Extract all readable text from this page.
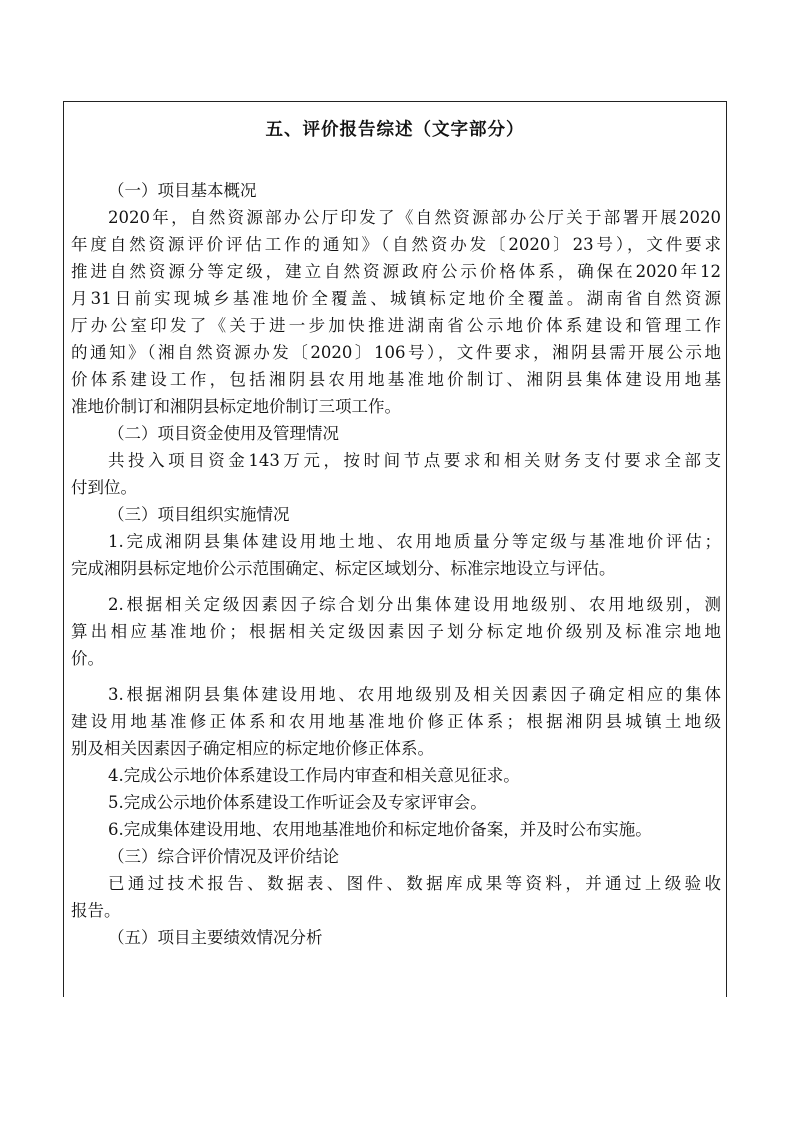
五、评价报告综述（文字部分）
（一）项目基本概况
2020年，自然资源部办公厅印发了《自然资源部办公厅关于部署开展2020
年度自然资源评价评估工作的通知》（自然资办发〔2020〕23号），文件要求
推进自然资源分等定级，建立自然资源政府公示价格体系，确保在2020年12
月31日前实现城乡基准地价全覆盖、城镇标定地价全覆盖。湖南省自然资源
厅办公室印发了《关于进一步加快推进湖南省公示地价体系建设和管理工作
的通知》（湘自然资源办发〔2020〕106号），文件要求，湘阴县需开展公示地
价体系建设工作，包括湘阴县农用地基准地价制订、湘阴县集体建设用地基
准地价制订和湘阴县标定地价制订三项工作。
（二）项目资金使用及管理情况
共投入项目资金143万元，按时间节点要求和相关财务支付要求全部支
付到位。
（三）项目组织实施情况
1.完成湘阴县集体建设用地土地、农用地质量分等定级与基准地价评估；
完成湘阴县标定地价公示范围确定、标定区域划分、标准宗地设立与评估。
2.根据相关定级因素因子综合划分出集体建设用地级别、农用地级别，测
算出相应基准地价；根据相关定级因素因子划分标定地价级别及标准宗地地
价。
3.根据湘阴县集体建设用地、农用地级别及相关因素因子确定相应的集体
建设用地基准修正体系和农用地基准地价修正体系；根据湘阴县城镇土地级
别及相关因素因子确定相应的标定地价修正体系。
4.完成公示地价体系建设工作局内审查和相关意见征求。
5.完成公示地价体系建设工作听证会及专家评审会。
6.完成集体建设用地、农用地基准地价和标定地价备案，并及时公布实施。
（三）综合评价情况及评价结论
已通过技术报告、数据表、图件、数据库成果等资料，并通过上级验收
报告。
（五）项目主要绩效情况分析
